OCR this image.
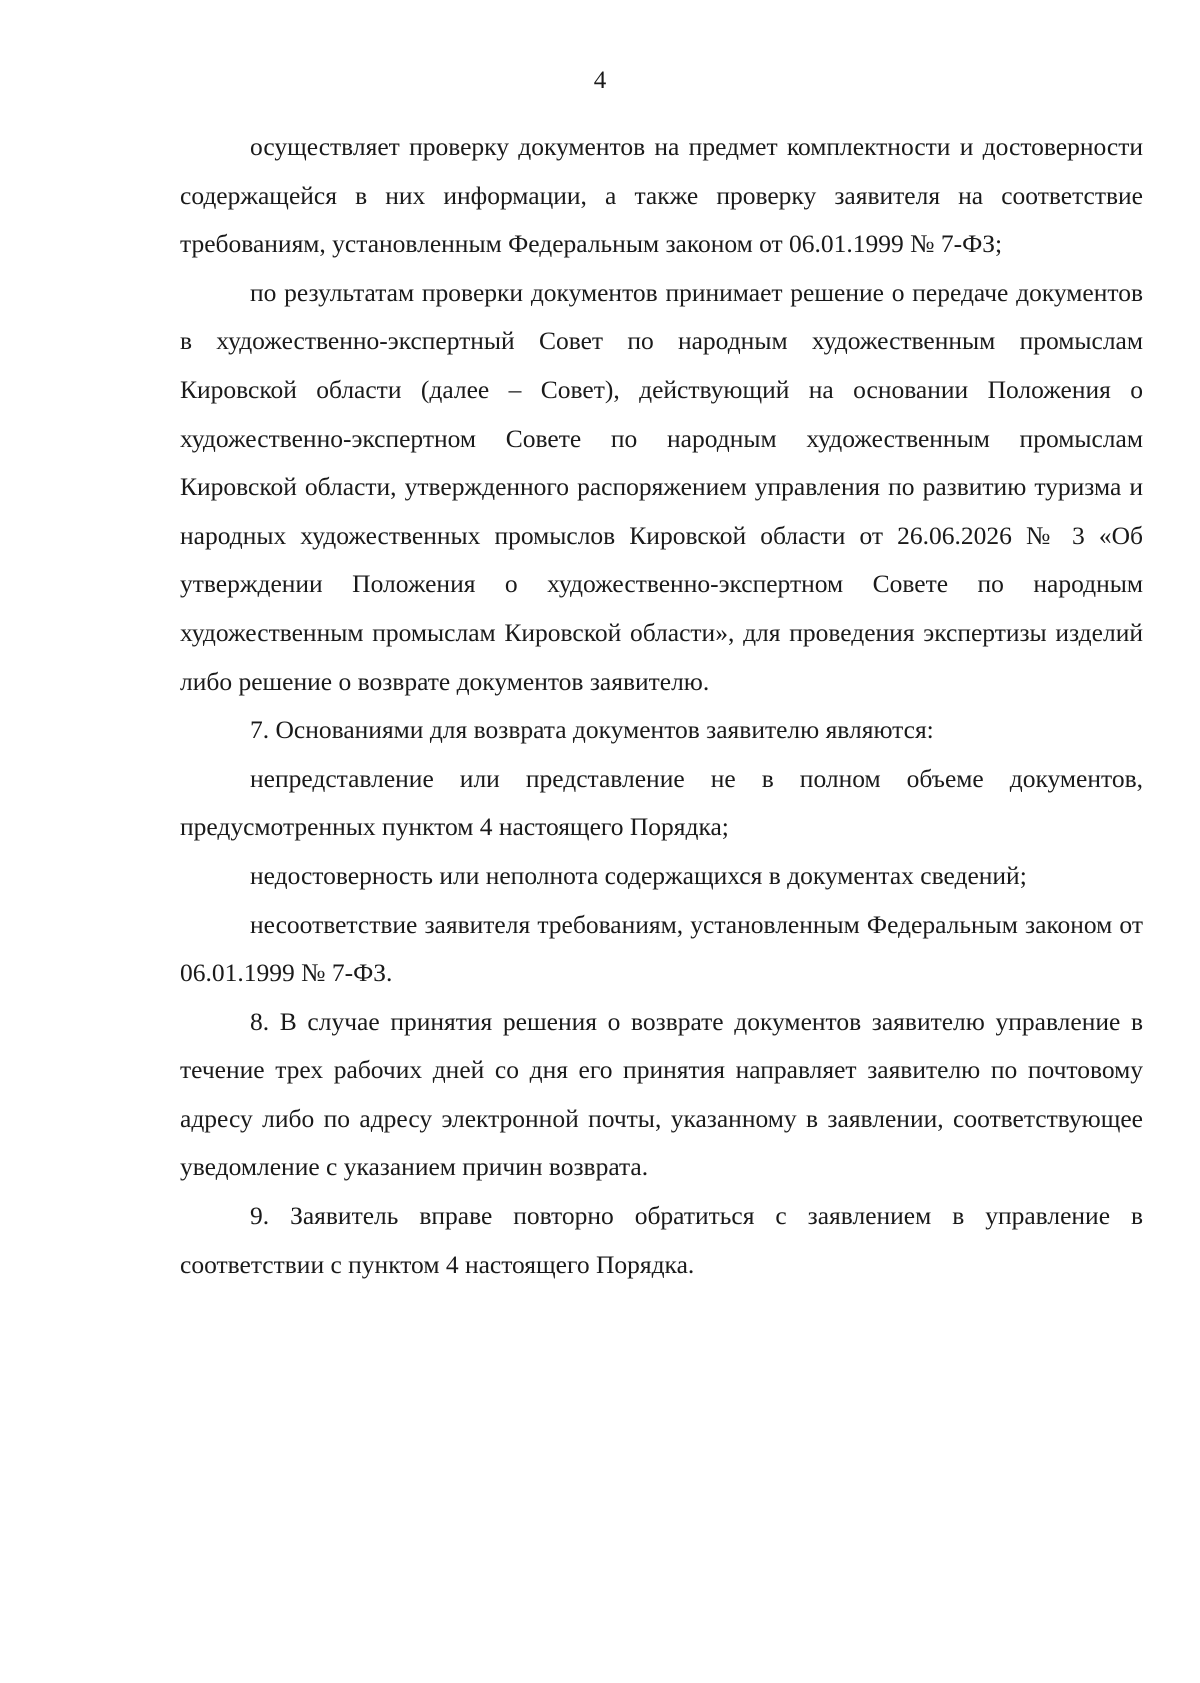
4

осуществляет проверку документов на предмет комплектности и достоверности содержащейся в них информации, а также проверку заявителя на соответствие требованиям, установленным Федеральным законом от 06.01.1999 № 7-ФЗ;

по результатам проверки документов принимает решение о передаче документов в художественно-экспертный Совет по народным художественным промыслам Кировской области (далее – Совет), действующий на основании Положения о художественно-экспертном Совете по народным художественным промыслам Кировской области, утвержденного распоряжением управления по развитию туризма и народных художественных промыслов Кировской области от 26.06.2026 № 3 «Об утверждении Положения о художественно-экспертном Совете по народным художественным промыслам Кировской области», для проведения экспертизы изделий либо решение о возврате документов заявителю.

7. Основаниями для возврата документов заявителю являются:

непредставление или представление не в полном объеме документов, предусмотренных пунктом 4 настоящего Порядка;

недостоверность или неполнота содержащихся в документах сведений;

несоответствие заявителя требованиям, установленным Федеральным законом от 06.01.1999 № 7-ФЗ.

8. В случае принятия решения о возврате документов заявителю управление в течение трех рабочих дней со дня его принятия направляет заявителю по почтовому адресу либо по адресу электронной почты, указанному в заявлении, соответствующее уведомление с указанием причин возврата.

9. Заявитель вправе повторно обратиться с заявлением в управление в соответствии с пунктом 4 настоящего Порядка.
